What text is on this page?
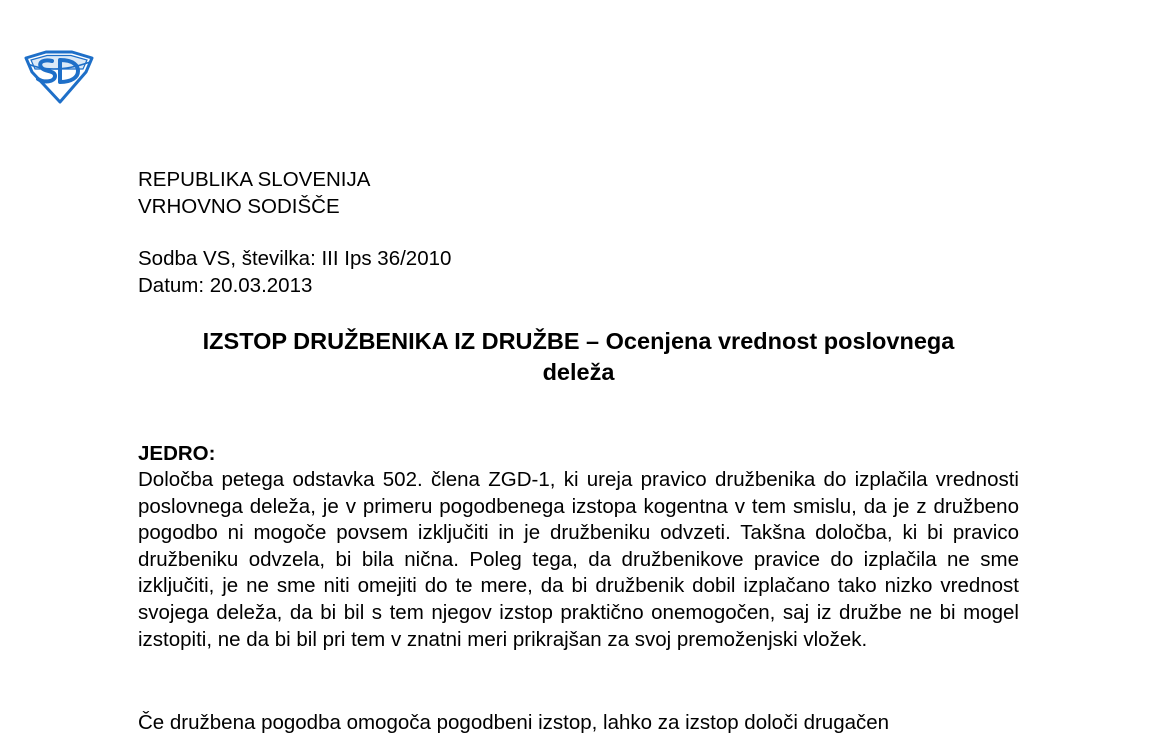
REPUBLIKA SLOVENIJA
VRHOVNO SODIŠČE
Sodba VS, številka: III Ips 36/2010
Datum: 20.03.2013
IZSTOP DRUŽBENIKA IZ DRUŽBE – Ocenjena vrednost poslovnega
deleža
JEDRO:
Določba petega odstavka 502. člena ZGD-1, ki ureja pravico družbenika do izplačila vrednosti poslovnega deleža, je v primeru pogodbenega izstopa kogentna v tem smislu, da je z družbeno pogodbo ni mogoče povsem izključiti in je družbeniku odvzeti. Takšna določba, ki bi pravico družbeniku odvzela, bi bila nična. Poleg tega, da družbenikove pravice do izplačila ne sme izključiti, je ne sme niti omejiti do te mere, da bi družbenik dobil izplačano tako nizko vrednost svojega deleža, da bi bil s tem njegov izstop praktično onemogočen, saj iz družbe ne bi mogel izstopiti, ne da bi bil pri tem v znatni meri prikrajšan za svoj premoženjski vložek.
Če družbena pogodba omogoča pogodbeni izstop, lahko za izstop določi drugačen
